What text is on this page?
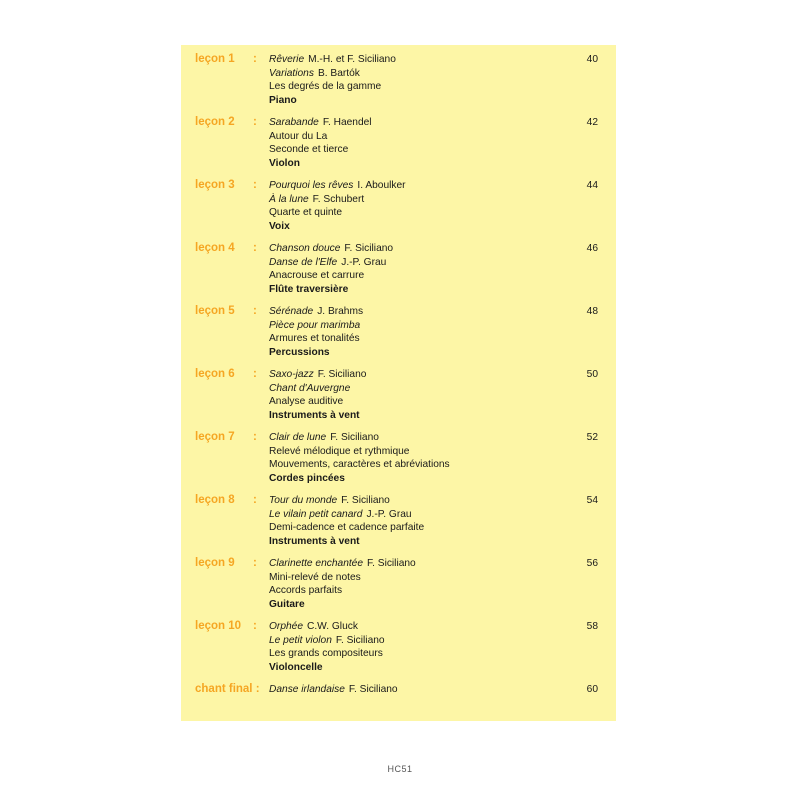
leçon 1 : Rêverie M.-H. et F. Siciliano
Variations B. Bartók
Les degrés de la gamme
Piano
40
leçon 2 : Sarabande F. Haendel
Autour du La
Seconde et tierce
Violon
42
leçon 3 : Pourquoi les rêves I. Aboulker
À la lune F. Schubert
Quarte et quinte
Voix
44
leçon 4 : Chanson douce F. Siciliano
Danse de l'Elfe J.-P. Grau
Anacrouse et carrure
Flûte traversière
46
leçon 5 : Sérénade J. Brahms
Pièce pour marimba
Armures et tonalités
Percussions
48
leçon 6 : Saxo-jazz F. Siciliano
Chant d'Auvergne
Analyse auditive
Instruments à vent
50
leçon 7 : Clair de lune F. Siciliano
Relevé mélodique et rythmique
Mouvements, caractères et abréviations
Cordes pincées
52
leçon 8 : Tour du monde F. Siciliano
Le vilain petit canard J.-P. Grau
Demi-cadence et cadence parfaite
Instruments à vent
54
leçon 9 : Clarinette enchantée F. Siciliano
Mini-relevé de notes
Accords parfaits
Guitare
56
leçon 10 : Orphée C.W. Gluck
Le petit violon F. Siciliano
Les grands compositeurs
Violoncelle
58
chant final : Danse irlandaise F. Siciliano	60
HC51
